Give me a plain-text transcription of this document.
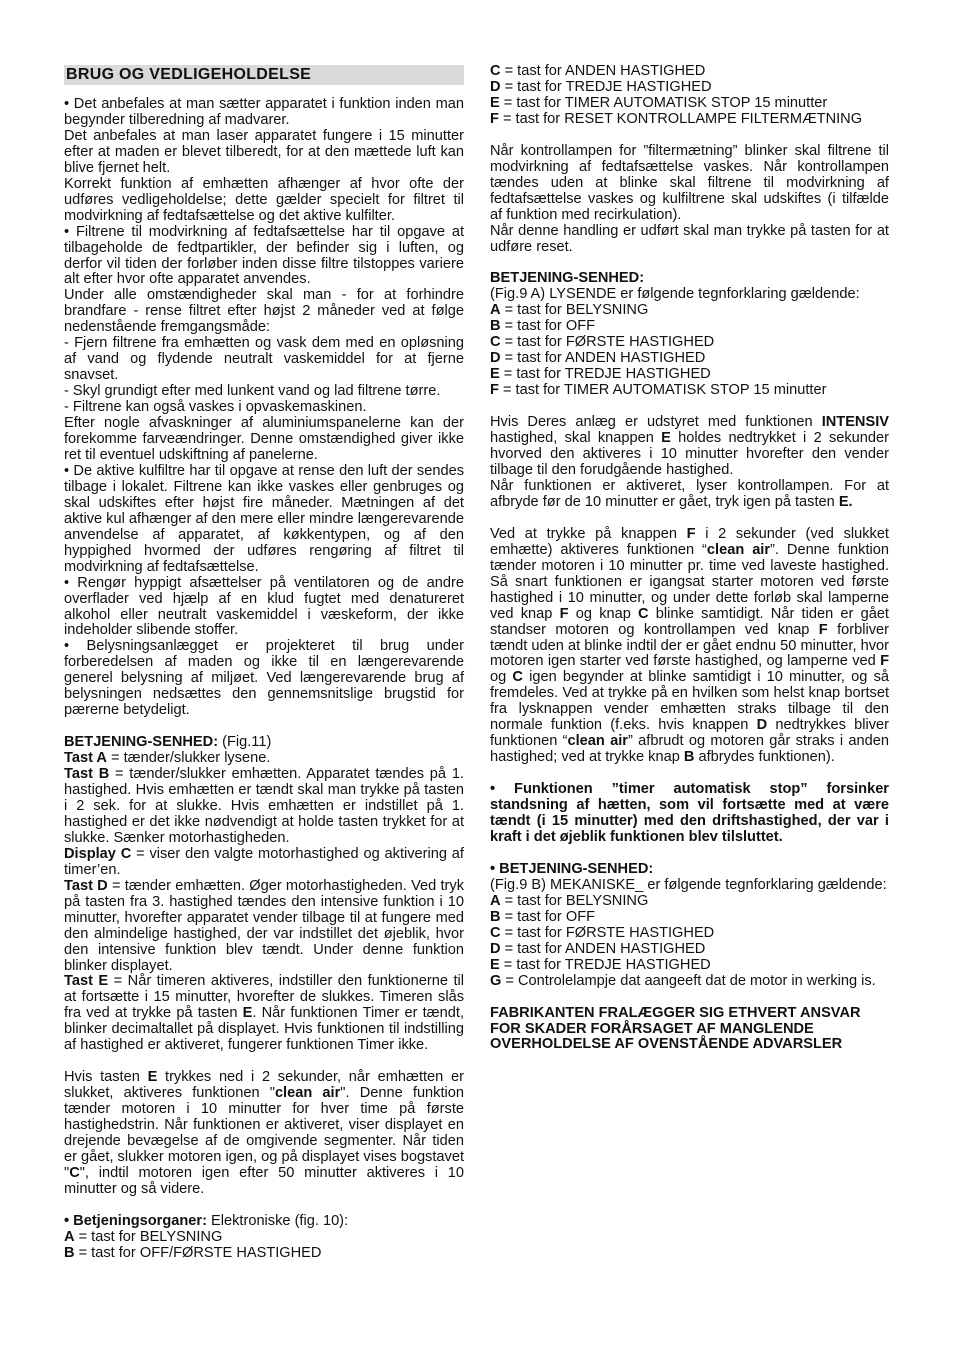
BRUG OG VEDLIGEHOLDELSE

• Det anbefales at man sætter apparatet i funktion inden man begynder tilberedning af madvarer.

Det anbefales at man laser apparatet fungere i 15 minutter efter at maden er blevet tilberedt, for at den mættede luft kan blive fjernet helt.

Korrekt funktion af emhætten afhænger af hvor ofte der udføres vedligeholdelse; dette gælder specielt for filtret til modvirkning af fedtafsættelse og det aktive kulfilter.

• Filtrene til modvirkning af fedtafsættelse har til opgave at tilbageholde de fedtpartikler, der befinder sig i luften, og derfor vil tiden der forløber inden disse filtre tilstoppes variere alt efter hvor ofte apparatet anvendes.

Under alle omstændigheder skal man - for at forhindre brandfare - rense filtret efter højst 2 måneder ved at følge nedenstående fremgangsmåde:

- Fjern filtrene fra emhætten og vask dem med en opløsning af vand og flydende neutralt vaskemiddel for at fjerne snavset.

- Skyl grundigt efter med lunkent vand og lad filtrene tørre.

- Filtrene kan også vaskes i opvaskemaskinen.

Efter nogle afvaskninger af aluminiumspanelerne kan der forekomme farveændringer. Denne omstændighed giver ikke ret til eventuel udskiftning af panelerne.

• De aktive kulfiltre har til opgave at rense den luft der sendes tilbage i lokalet. Filtrene kan ikke vaskes eller genbruges og skal udskiftes efter højst fire måneder. Mætningen af det aktive kul afhænger af den mere eller mindre længerevarende anvendelse af apparatet, af køkkentypen, og af den hyppighed hvormed der udføres rengøring af filtret til modvirkning af fedtafsættelse.

• Rengør hyppigt afsættelser på ventilatoren og de andre overflader ved hjælp af en klud fugtet med denatureret alkohol eller neutralt vaskemiddel i væskeform, der ikke indeholder slibende stoffer.

• Belysningsanlægget er projekteret til brug under forberedelsen af maden og ikke til en længerevarende generel belysning af miljøet. Ved længerevarende brug af belysningen nedsættes den gennemsnitslige brugstid for pærerne betydeligt.

BETJENING-SENHED: (Fig.11)

Tast A = tænder/slukker lysene.

Tast B = tænder/slukker emhætten. Apparatet tændes på 1. hastighed. Hvis emhætten er tændt skal man trykke på tasten i 2 sek. for at slukke. Hvis emhætten er indstillet på 1. hastighed er det ikke nødvendigt at holde tasten trykket for at slukke. Sænker motorhastigheden.

Display C = viser den valgte motorhastighed og aktivering af timer’en.

Tast D = tænder emhætten. Øger motorhastigheden. Ved tryk på tasten fra 3. hastighed tændes den intensive funktion i 10 minutter, hvorefter apparatet vender tilbage til at fungere med den almindelige hastighed, der var indstillet det øjeblik, hvor den intensive funktion blev tændt. Under denne funktion blinker displayet.

Tast E = Når timeren aktiveres, indstiller den funktionerne til at fortsætte i 15 minutter, hvorefter de slukkes. Timeren slås fra ved at trykke på tasten E. Når funktionen Timer er tændt, blinker decimaltallet på displayet. Hvis funktionen til indstilling af hastighed er aktiveret, fungerer funktionen Timer ikke.

Hvis tasten E trykkes ned i 2 sekunder, når emhætten er slukket, aktiveres funktionen "clean air". Denne funktion tænder motoren i 10 minutter for hver time på første hastighedstrin. Når funktionen er aktiveret, viser displayet en drejende bevægelse af de omgivende segmenter. Når tiden er gået, slukker motoren igen, og på displayet vises bogstavet "C", indtil motoren igen efter 50 minutter aktiveres i 10 minutter og så videre.

• Betjeningsorganer: Elektroniske (fig. 10):

A = tast for BELYSNING

B = tast for OFF/FØRSTE HASTIGHED

C = tast for ANDEN HASTIGHED

D = tast for TREDJE HASTIGHED

E = tast for TIMER AUTOMATISK STOP 15 minutter

F = tast for RESET KONTROLLAMPE FILTERMÆTNING

Når kontrollampen for ”filtermætning” blinker skal filtrene til modvirkning af fedtafsættelse vaskes. Når kontrollampen tændes uden at blinke skal filtrene til modvirkning af fedtafsættelse vaskes og kulfiltrene skal udskiftes (i tilfælde af funktion med recirkulation).

Når denne handling er udført skal man trykke på tasten for at udføre reset.

BETJENING-SENHED:

(Fig.9 A) LYSENDE er følgende tegnforklaring gældende:

A = tast for BELYSNING

B = tast for OFF

C = tast for FØRSTE HASTIGHED

D = tast for ANDEN HASTIGHED

E = tast for TREDJE HASTIGHED

F = tast for TIMER AUTOMATISK STOP 15 minutter

Hvis Deres anlæg er udstyret med funktionen INTENSIV hastighed, skal knappen E holdes nedtrykket i 2 sekunder hvorved den aktiveres i 10 minutter hvorefter den vender tilbage til den forudgående hastighed.

Når funktionen er aktiveret, lyser kontrollampen. For at afbryde før de 10 minutter er gået, tryk igen på tasten E.

Ved at trykke på knappen F i 2 sekunder (ved slukket emhætte) aktiveres funktionen “clean air”. Denne funktion tænder motoren i 10 minutter pr. time ved laveste hastighed. Så snart funktionen er igangsat starter motoren ved første hastighed i 10 minutter, og under dette forløb skal lamperne ved knap F og knap C blinke samtidigt. Når tiden er gået standser motoren og kontrollampen ved knap F forbliver tændt uden at blinke indtil der er gået endnu 50 minutter, hvor motoren igen starter ved første hastighed, og lamperne ved F og C igen begynder at blinke samtidigt i 10 minutter, og så fremdeles. Ved at trykke på en hvilken som helst knap bortset fra lysknappen vender emhætten straks tilbage til den normale funktion (f.eks. hvis knappen D nedtrykkes bliver funktionen “clean air” afbrudt og motoren går straks i anden hastighed; ved at trykke knap B afbrydes funktionen).

• Funktionen ”timer automatisk stop” forsinker standsning af hætten, som vil fortsætte med at være tændt (i 15 minutter) med den driftshastighed, der var i kraft i det øjeblik funktionen blev tilsluttet.

• BETJENING-SENHED:

(Fig.9 B) MEKANISKE_ er følgende tegnforklaring gældende:

A = tast for BELYSNING

B = tast for OFF

C = tast for FØRSTE HASTIGHED

D = tast for ANDEN HASTIGHED

E = tast for TREDJE HASTIGHED

G = Controlelampje dat aangeeft dat de motor in werking is.

FABRIKANTEN FRALÆGGER SIG ETHVERT ANSVAR FOR SKADER FORÅRSAGET AF MANGLENDE OVERHOLDELSE AF OVENSTÅENDE ADVARSLER
